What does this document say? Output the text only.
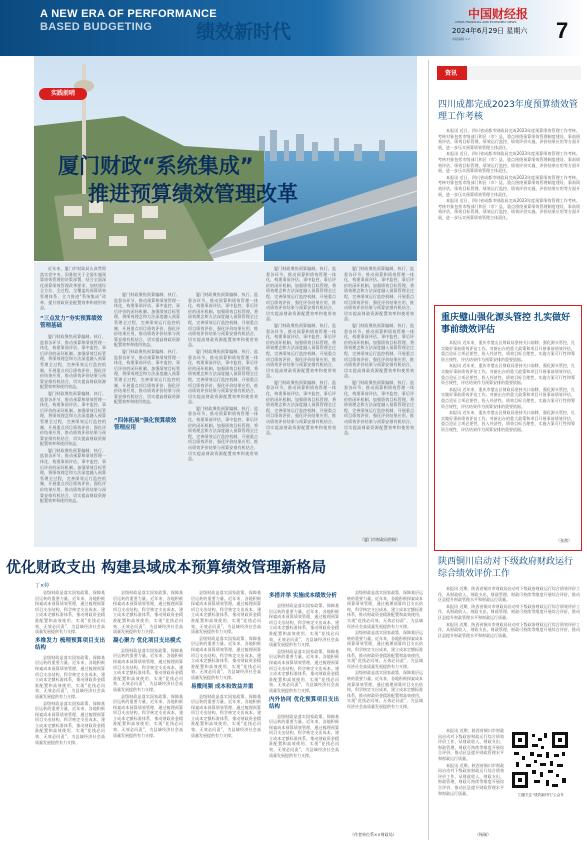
A NEW ERA OF PERFORMANCE
BASED BUDGETING	绩效新时代
中国财经报
CHINA FINANCIAL AND ECONOMIC NEWS
2024年6月29日 星期六
本版编辑 ××	7
实践前哨
厦门财政“系统集成”
推进预算绩效管理改革

近年来，厦门市财政局认真贯彻落实党中央、国务院关于全面实施预算绩效管理的决策部署，结合全面深化预算绩效管理改革要求，加快建设全方位、全过程、全覆盖的预算绩效管理体系，全力推进“系统集成”改革，提升财政资金配置效率和使用效益。

“三点发力”夯实预算绩效管理基础

厦门财政聚焦预算编制、执行、监督各环节，推动预算和绩效管理一体化，构建事前评估、事中监控、事后评价的闭环机制。加强绩效目标管理，将绩效理念和方法深度融入预算管理全过程，完善绩效运行监控机制，开展重点项目绩效评价，强化评价结果应用，推动绩效评价结果与预算安排有机结合，切实提高财政资源配置效率和使用效益。

厦门财政聚焦预算编制、执行、监督各环节，推动预算和绩效管理一体化，构建事前评估、事中监控、事后评价的闭环机制。加强绩效目标管理，将绩效理念和方法深度融入预算管理全过程，完善绩效运行监控机制，开展重点项目绩效评价，强化评价结果应用，推动绩效评价结果与预算安排有机结合，切实提高财政资源配置效率和使用效益。

厦门财政聚焦预算编制、执行、监督各环节，推动预算和绩效管理一体化，构建事前评估、事中监控、事后评价的闭环机制。加强绩效目标管理，将绩效理念和方法深度融入预算管理全过程，完善绩效运行监控机制，开展重点项目绩效评价，强化评价结果应用，推动绩效评价结果与预算安排有机结合，切实提高财政资源配置效率和使用效益。

厦门财政聚焦预算编制、执行、监督各环节，推动预算和绩效管理一体化，构建事前评估、事中监控、事后评价的闭环机制。加强绩效目标管理，将绩效理念和方法深度融入预算管理全过程，完善绩效运行监控机制，开展重点项目绩效评价，强化评价结果应用，推动绩效评价结果与预算安排有机结合，切实提高财政资源配置效率和使用效益。

厦门财政聚焦预算编制、执行、监督各环节，推动预算和绩效管理一体化，构建事前评估、事中监控、事后评价的闭环机制。加强绩效目标管理，将绩效理念和方法深度融入预算管理全过程，完善绩效运行监控机制，开展重点项目绩效评价，强化评价结果应用，推动绩效评价结果与预算安排有机结合，切实提高财政资源配置效率和使用效益。

“四体拓展”强化预算绩效管理应用

厦门财政聚焦预算编制、执行、监督各环节，推动预算和绩效管理一体化，构建事前评估、事中监控、事后评价的闭环机制。加强绩效目标管理，将绩效理念和方法深度融入预算管理全过程，完善绩效运行监控机制，开展重点项目绩效评价，强化评价结果应用，推动绩效评价结果与预算安排有机结合，切实提高财政资源配置效率和使用效益。

厦门财政聚焦预算编制、执行、监督各环节，推动预算和绩效管理一体化，构建事前评估、事中监控、事后评价的闭环机制。加强绩效目标管理，将绩效理念和方法深度融入预算管理全过程，完善绩效运行监控机制，开展重点项目绩效评价，强化评价结果应用，推动绩效评价结果与预算安排有机结合，切实提高财政资源配置效率和使用效益。

厦门财政聚焦预算编制、执行、监督各环节，推动预算和绩效管理一体化，构建事前评估、事中监控、事后评价的闭环机制。加强绩效目标管理，将绩效理念和方法深度融入预算管理全过程，完善绩效运行监控机制，开展重点项目绩效评价，强化评价结果应用，推动绩效评价结果与预算安排有机结合，切实提高财政资源配置效率和使用效益。

厦门财政聚焦预算编制、执行、监督各环节，推动预算和绩效管理一体化，构建事前评估、事中监控、事后评价的闭环机制。加强绩效目标管理，将绩效理念和方法深度融入预算管理全过程，完善绩效运行监控机制，开展重点项目绩效评价，强化评价结果应用，推动绩效评价结果与预算安排有机结合，切实提高财政资源配置效率和使用效益。

厦门财政聚焦预算编制、执行、监督各环节，推动预算和绩效管理一体化，构建事前评估、事中监控、事后评价的闭环机制。加强绩效目标管理，将绩效理念和方法深度融入预算管理全过程，完善绩效运行监控机制，开展重点项目绩效评价，强化评价结果应用，推动绩效评价结果与预算安排有机结合，切实提高财政资源配置效率和使用效益。

厦门财政聚焦预算编制、执行、监督各环节，推动预算和绩效管理一体化，构建事前评估、事中监控、事后评价的闭环机制。加强绩效目标管理，将绩效理念和方法深度融入预算管理全过程，完善绩效运行监控机制，开展重点项目绩效评价，强化评价结果应用，推动绩效评价结果与预算安排有机结合，切实提高财政资源配置效率和使用效益。

厦门财政聚焦预算编制、执行、监督各环节，推动预算和绩效管理一体化，构建事前评估、事中监控、事后评价的闭环机制。加强绩效目标管理，将绩效理念和方法深度融入预算管理全过程，完善绩效运行监控机制，开展重点项目绩效评价，强化评价结果应用，推动绩效评价结果与预算安排有机结合，切实提高财政资源配置效率和使用效益。

厦门财政聚焦预算编制、执行、监督各环节，推动预算和绩效管理一体化，构建事前评估、事中监控、事后评价的闭环机制。加强绩效目标管理，将绩效理念和方法深度融入预算管理全过程，完善绩效运行监控机制，开展重点项目绩效评价，强化评价结果应用，推动绩效评价结果与预算安排有机结合，切实提高财政资源配置效率和使用效益。

厦门财政聚焦预算编制、执行、监督各环节，推动预算和绩效管理一体化，构建事前评估、事中监控、事后评价的闭环机制。加强绩效目标管理，将绩效理念和方法深度融入预算管理全过程，完善绩效运行监控机制，开展重点项目绩效评价，强化评价结果应用，推动绩效评价结果与预算安排有机结合，切实提高财政资源配置效率和使用效益。

（厦门市财政局供稿）
资讯
四川成都完成2023年度预算绩效管理工作考核

本报讯 近日，四川省成都市财政局完成2023年度预算绩效管理工作考核。考核对象包括市级部门和区（市）县，重点围绕预算绩效管理制度建设、事前绩效评估、绩效目标管理、绩效运行监控、绩效评价实施、评价结果应用等方面开展，进一步压实预算绩效管理主体责任。

本报讯 近日，四川省成都市财政局完成2023年度预算绩效管理工作考核。考核对象包括市级部门和区（市）县，重点围绕预算绩效管理制度建设、事前绩效评估、绩效目标管理、绩效运行监控、绩效评价实施、评价结果应用等方面开展，进一步压实预算绩效管理主体责任。

本报讯 近日，四川省成都市财政局完成2023年度预算绩效管理工作考核。考核对象包括市级部门和区（市）县，重点围绕预算绩效管理制度建设、事前绩效评估、绩效目标管理、绩效运行监控、绩效评价实施、评价结果应用等方面开展，进一步压实预算绩效管理主体责任。

本报讯 近日，四川省成都市财政局完成2023年度预算绩效管理工作考核。考核对象包括市级部门和区（市）县，重点围绕预算绩效管理制度建设、事前绩效评估、绩效目标管理、绩效运行监控、绩效评价实施、评价结果应用等方面开展，进一步压实预算绩效管理主体责任。

重庆璧山强化源头管控 扎实做好事前绩效评估

本报讯 近年来，重庆市璧山区财政局坚持关口前移，强化源头管控，扎实做好事前绩效评估工作。对新出台的重大政策和项目开展事前绩效评估，重点论证立项必要性、投入经济性、绩效目标合理性、实施方案可行性和筹资合规性，评估结果作为预算安排的重要依据。

本报讯 近年来，重庆市璧山区财政局坚持关口前移，强化源头管控，扎实做好事前绩效评估工作。对新出台的重大政策和项目开展事前绩效评估，重点论证立项必要性、投入经济性、绩效目标合理性、实施方案可行性和筹资合规性，评估结果作为预算安排的重要依据。

本报讯 近年来，重庆市璧山区财政局坚持关口前移，强化源头管控，扎实做好事前绩效评估工作。对新出台的重大政策和项目开展事前绩效评估，重点论证立项必要性、投入经济性、绩效目标合理性、实施方案可行性和筹资合规性，评估结果作为预算安排的重要依据。

本报讯 近年来，重庆市璧山区财政局坚持关口前移，强化源头管控，扎实做好事前绩效评估工作。对新出台的重大政策和项目开展事前绩效评估，重点论证立项必要性、投入经济性、绩效目标合理性、实施方案可行性和筹资合规性，评估结果作为预算安排的重要依据。

（张茜）
陕西铜川启动对下级政府财政运行综合绩效评价工作

本报讯 近期，陕西省铜川市财政局启动对下级政府财政运行综合绩效评价工作，从财政收入、财政支出、财政管理、财政可持续等维度开展综合评价，推动区县提升财政管理水平和财政运行质量。

本报讯 近期，陕西省铜川市财政局启动对下级政府财政运行综合绩效评价工作，从财政收入、财政支出、财政管理、财政可持续等维度开展综合评价，推动区县提升财政管理水平和财政运行质量。

本报讯 近期，陕西省铜川市财政局启动对下级政府财政运行综合绩效评价工作，从财政收入、财政支出、财政管理、财政可持续等维度开展综合评价，推动区县提升财政管理水平和财政运行质量。

本报讯 近期，陕西省铜川市财政局启动对下级政府财政运行综合绩效评价工作，从财政收入、财政支出、财政管理、财政可持续等维度开展综合评价，推动区县提升财政管理水平和财政运行质量。

本报讯 近期，陕西省铜川市财政局启动对下级政府财政运行综合绩效评价工作，从财政收入、财政支出、财政管理、财政可持续等维度开展综合评价，推动区县提升财政管理水平和财政运行质量。

（杨瑞）
扫描关注“绩效新时代”公众号
优化财政支出 构建县域成本预算绩效管理新格局
丁×婷

县级财政是落实国家政策、保障基层运转的重要力量。近年来，各地积极探索成本预算绩效管理，通过梳理预算项目支出结构，科学核定支出成本，建立成本定额标准体系，推动财政资金精准配置和高效使用，实现“花钱必问效、无效必问责”，为县域经济社会高质量发展提供有力支撑。

多维发力 梳理预算项目支出结构

县级财政是落实国家政策、保障基层运转的重要力量。近年来，各地积极探索成本预算绩效管理，通过梳理预算项目支出结构，科学核定支出成本，建立成本定额标准体系，推动财政资金精准配置和高效使用，实现“花钱必问效、无效必问责”，为县域经济社会高质量发展提供有力支撑。

县级财政是落实国家政策、保障基层运转的重要力量。近年来，各地积极探索成本预算绩效管理，通过梳理预算项目支出结构，科学核定支出成本，建立成本定额标准体系，推动财政资金精准配置和高效使用，实现“花钱必问效、无效必问责”，为县域经济社会高质量发展提供有力支撑。

县级财政是落实国家政策、保障基层运转的重要力量。近年来，各地积极探索成本预算绩效管理，通过梳理预算项目支出结构，科学核定支出成本，建立成本定额标准体系，推动财政资金精准配置和高效使用，实现“花钱必问效、无效必问责”，为县域经济社会高质量发展提供有力支撑。

凝心聚力 优化项目支出模式

县级财政是落实国家政策、保障基层运转的重要力量。近年来，各地积极探索成本预算绩效管理，通过梳理预算项目支出结构，科学核定支出成本，建立成本定额标准体系，推动财政资金精准配置和高效使用，实现“花钱必问效、无效必问责”，为县域经济社会高质量发展提供有力支撑。

县级财政是落实国家政策、保障基层运转的重要力量。近年来，各地积极探索成本预算绩效管理，通过梳理预算项目支出结构，科学核定支出成本，建立成本定额标准体系，推动财政资金精准配置和高效使用，实现“花钱必问效、无效必问责”，为县域经济社会高质量发展提供有力支撑。

县级财政是落实国家政策、保障基层运转的重要力量。近年来，各地积极探索成本预算绩效管理，通过梳理预算项目支出结构，科学核定支出成本，建立成本定额标准体系，推动财政资金精准配置和高效使用，实现“花钱必问效、无效必问责”，为县域经济社会高质量发展提供有力支撑。

县级财政是落实国家政策、保障基层运转的重要力量。近年来，各地积极探索成本预算绩效管理，通过梳理预算项目支出结构，科学核定支出成本，建立成本定额标准体系，推动财政资金精准配置和高效使用，实现“花钱必问效、无效必问责”，为县域经济社会高质量发展提供有力支撑。

易微同频 成本和效益并重

县级财政是落实国家政策、保障基层运转的重要力量。近年来，各地积极探索成本预算绩效管理，通过梳理预算项目支出结构，科学核定支出成本，建立成本定额标准体系，推动财政资金精准配置和高效使用，实现“花钱必问效、无效必问责”，为县域经济社会高质量发展提供有力支撑。

多措并举 实施成本绩效分析

县级财政是落实国家政策、保障基层运转的重要力量。近年来，各地积极探索成本预算绩效管理，通过梳理预算项目支出结构，科学核定支出成本，建立成本定额标准体系，推动财政资金精准配置和高效使用，实现“花钱必问效、无效必问责”，为县域经济社会高质量发展提供有力支撑。

县级财政是落实国家政策、保障基层运转的重要力量。近年来，各地积极探索成本预算绩效管理，通过梳理预算项目支出结构，科学核定支出成本，建立成本定额标准体系，推动财政资金精准配置和高效使用，实现“花钱必问效、无效必问责”，为县域经济社会高质量发展提供有力支撑。

内外协同 优化预算项目支出结构

县级财政是落实国家政策、保障基层运转的重要力量。近年来，各地积极探索成本预算绩效管理，通过梳理预算项目支出结构，科学核定支出成本，建立成本定额标准体系，推动财政资金精准配置和高效使用，实现“花钱必问效、无效必问责”，为县域经济社会高质量发展提供有力支撑。

县级财政是落实国家政策、保障基层运转的重要力量。近年来，各地积极探索成本预算绩效管理，通过梳理预算项目支出结构，科学核定支出成本，建立成本定额标准体系，推动财政资金精准配置和高效使用，实现“花钱必问效、无效必问责”，为县域经济社会高质量发展提供有力支撑。

县级财政是落实国家政策、保障基层运转的重要力量。近年来，各地积极探索成本预算绩效管理，通过梳理预算项目支出结构，科学核定支出成本，建立成本定额标准体系，推动财政资金精准配置和高效使用，实现“花钱必问效、无效必问责”，为县域经济社会高质量发展提供有力支撑。

县级财政是落实国家政策、保障基层运转的重要力量。近年来，各地积极探索成本预算绩效管理，通过梳理预算项目支出结构，科学核定支出成本，建立成本定额标准体系，推动财政资金精准配置和高效使用，实现“花钱必问效、无效必问责”，为县域经济社会高质量发展提供有力支撑。

（作者单位系××财政局）
